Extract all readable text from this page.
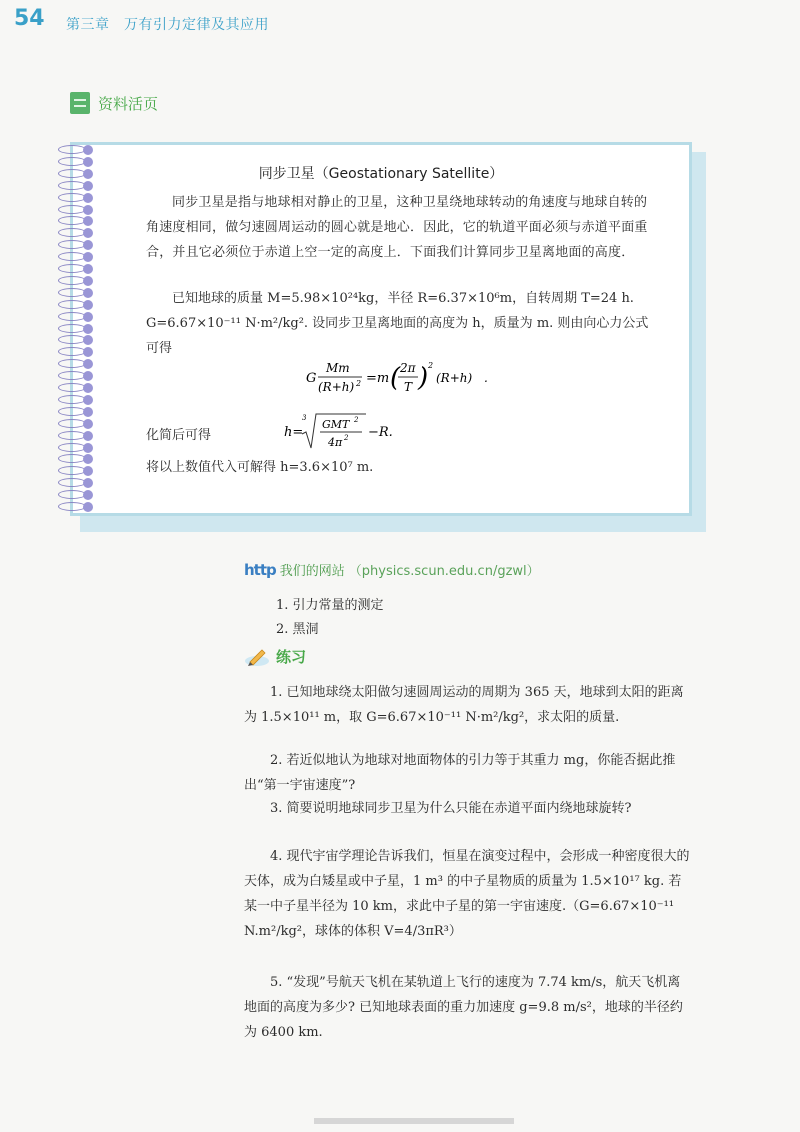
54 第三章　万有引力定律及其应用
资料活页
同步卫星（Geostationary Satellite）
同步卫星是指与地球相对静止的卫星，这种卫星绕地球转动的角速度与地球自转的角速度相同，做匀速圆周运动的圆心就是地心．因此，它的轨道平面必须与赤道平面重合，并且它必须位于赤道上空一定的高度上．下面我们计算同步卫星离地面的高度．
已知地球的质量 M=5.98×10²⁴kg，半径 R=6.37×10⁶m，自转周期 T=24 h. G=6.67×10⁻¹¹ N·m²/kg². 设同步卫星离地面的高度为 h，质量为 m. 则由向心力公式可得
G
Mm
(R+h) 2 =m ( 2π
T ) 2
(R+h) .
化简后可得	h=
3 GMT 2
4π 2 −R.
将以上数值代入可解得 h=3.6×10⁷ m.
http 我们的网站 （physics.scun.edu.cn/gzwl）
1. 引力常量的测定
2. 黑洞
练习
1. 已知地球绕太阳做匀速圆周运动的周期为 365 天，地球到太阳的距离为 1.5×10¹¹ m，取 G=6.67×10⁻¹¹ N·m²/kg²，求太阳的质量.
2. 若近似地认为地球对地面物体的引力等于其重力 mg，你能否据此推出“第一宇宙速度”?
3. 简要说明地球同步卫星为什么只能在赤道平面内绕地球旋转?
4. 现代宇宙学理论告诉我们，恒星在演变过程中，会形成一种密度很大的天体，成为白矮星或中子星，1 m³ 的中子星物质的质量为 1.5×10¹⁷ kg. 若某一中子星半径为 10 km，求此中子星的第一宇宙速度.（G=6.67×10⁻¹¹ N.m²/kg²，球体的体积 V=4/3πR³）
5. “发现”号航天飞机在某轨道上飞行的速度为 7.74 km/s，航天飞机离地面的高度为多少? 已知地球表面的重力加速度 g=9.8 m/s²，地球的半径约为 6400 km.
